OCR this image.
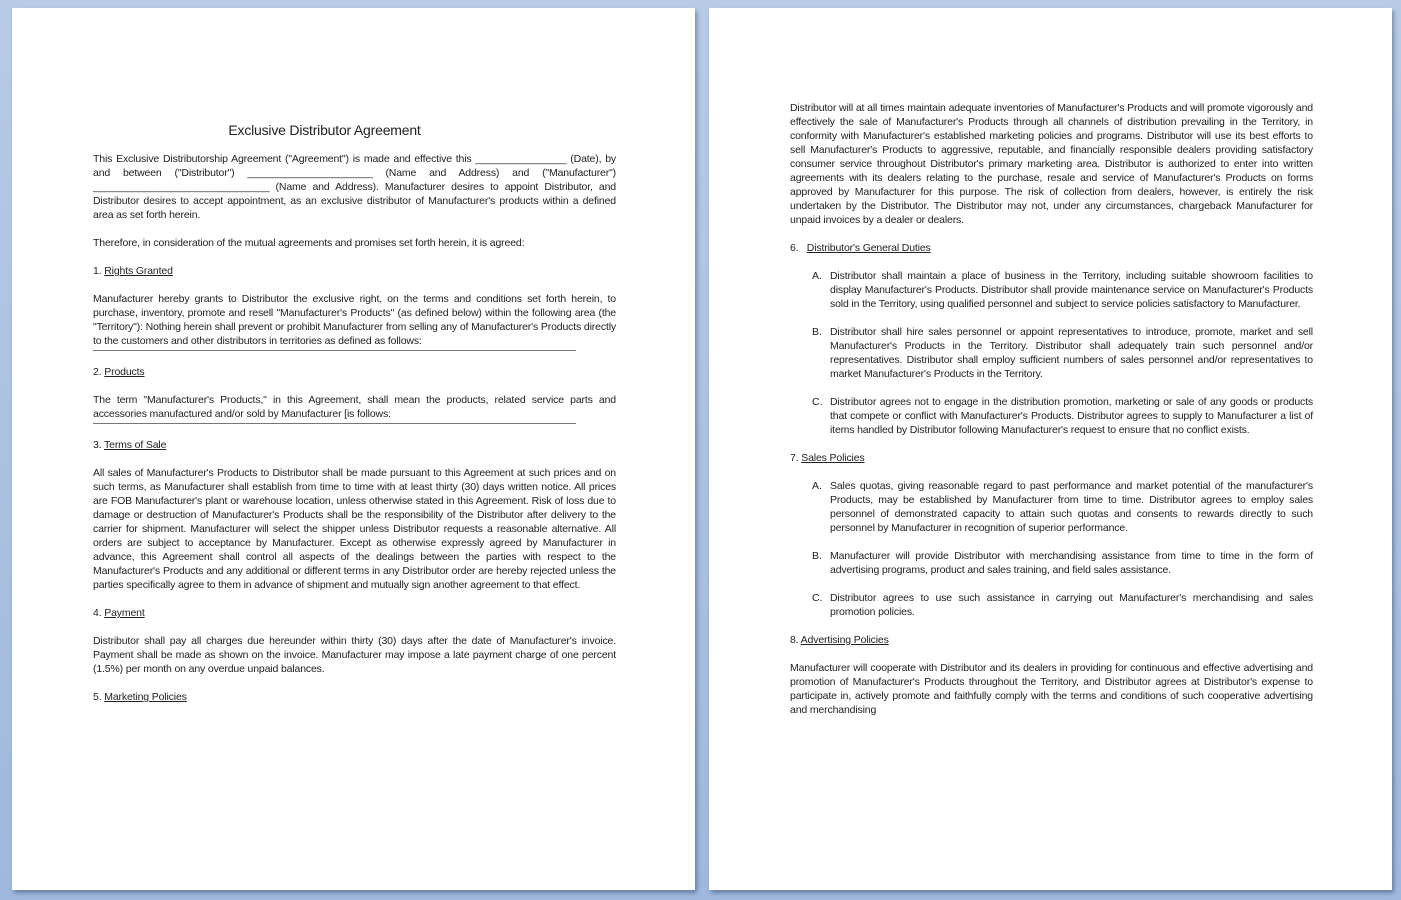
Exclusive Distributor Agreement

This Exclusive Distributorship Agreement ("Agreement") is made and effective this ________________ (Date), by and between ("Distributor") ______________________ (Name and Address) and ("Manufacturer") _______________________________ (Name and Address). Manufacturer desires to appoint Distributor, and Distributor desires to accept appointment, as an exclusive distributor of Manufacturer's products within a defined area as set forth herein.

Therefore, in consideration of the mutual agreements and promises set forth herein, it is agreed:

1. Rights Granted

Manufacturer hereby grants to Distributor the exclusive right, on the terms and conditions set forth herein, to purchase, inventory, promote and resell "Manufacturer's Products" (as defined below) within the following area (the "Territory"): Nothing herein shall prevent or prohibit Manufacturer from selling any of Manufacturer's Products directly to the customers and other distributors in territories as defined as follows:

2. Products

The term "Manufacturer's Products," in this Agreement, shall mean the products, related service parts and accessories manufactured and/or sold by Manufacturer [is follows:

3. Terms of Sale

All sales of Manufacturer's Products to Distributor shall be made pursuant to this Agreement at such prices and on such terms, as Manufacturer shall establish from time to time with at least thirty (30) days written notice. All prices are FOB Manufacturer's plant or warehouse location, unless otherwise stated in this Agreement. Risk of loss due to damage or destruction of Manufacturer's Products shall be the responsibility of the Distributor after delivery to the carrier for shipment. Manufacturer will select the shipper unless Distributor requests a reasonable alternative. All orders are subject to acceptance by Manufacturer. Except as otherwise expressly agreed by Manufacturer in advance, this Agreement shall control all aspects of the dealings between the parties with respect to the Manufacturer's Products and any additional or different terms in any Distributor order are hereby rejected unless the parties specifically agree to them in advance of shipment and mutually sign another agreement to that effect.

4. Payment

Distributor shall pay all charges due hereunder within thirty (30) days after the date of Manufacturer's invoice. Payment shall be made as shown on the invoice. Manufacturer may impose a late payment charge of one percent (1.5%) per month on any overdue unpaid balances.

5. Marketing Policies

Distributor will at all times maintain adequate inventories of Manufacturer's Products and will promote vigorously and effectively the sale of Manufacturer's Products through all channels of distribution prevailing in the Territory, in conformity with Manufacturer's established marketing policies and programs. Distributor will use its best efforts to sell Manufacturer's Products to aggressive, reputable, and financially responsible dealers providing satisfactory consumer service throughout Distributor's primary marketing area. Distributor is authorized to enter into written agreements with its dealers relating to the purchase, resale and service of Manufacturer's Products on forms approved by Manufacturer for this purpose. The risk of collection from dealers, however, is entirely the risk undertaken by the Distributor. The Distributor may not, under any circumstances, chargeback Manufacturer for unpaid invoices by a dealer or dealers.

6. Distributor's General Duties
A. Distributor shall maintain a place of business in the Territory, including suitable showroom facilities to display Manufacturer's Products. Distributor shall provide maintenance service on Manufacturer's Products sold in the Territory, using qualified personnel and subject to service policies satisfactory to Manufacturer.

B. Distributor shall hire sales personnel or appoint representatives to introduce, promote, market and sell Manufacturer's Products in the Territory. Distributor shall adequately train such personnel and/or representatives. Distributor shall employ sufficient numbers of sales personnel and/or representatives to market Manufacturer's Products in the Territory.

C. Distributor agrees not to engage in the distribution promotion, marketing or sale of any goods or products that compete or conflict with Manufacturer's Products. Distributor agrees to supply to Manufacturer a list of items handled by Distributor following Manufacturer's request to ensure that no conflict exists.

7. Sales Policies
A. Sales quotas, giving reasonable regard to past performance and market potential of the manufacturer's Products, may be established by Manufacturer from time to time. Distributor agrees to employ sales personnel of demonstrated capacity to attain such quotas and consents to rewards directly to such personnel by Manufacturer in recognition of superior performance.

B. Manufacturer will provide Distributor with merchandising assistance from time to time in the form of advertising programs, product and sales training, and field sales assistance.

C. Distributor agrees to use such assistance in carrying out Manufacturer's merchandising and sales promotion policies.

8. Advertising Policies

Manufacturer will cooperate with Distributor and its dealers in providing for continuous and effective advertising and promotion of Manufacturer's Products throughout the Territory, and Distributor agrees at Distributor's expense to participate in, actively promote and faithfully comply with the terms and conditions of such cooperative advertising and merchandising
